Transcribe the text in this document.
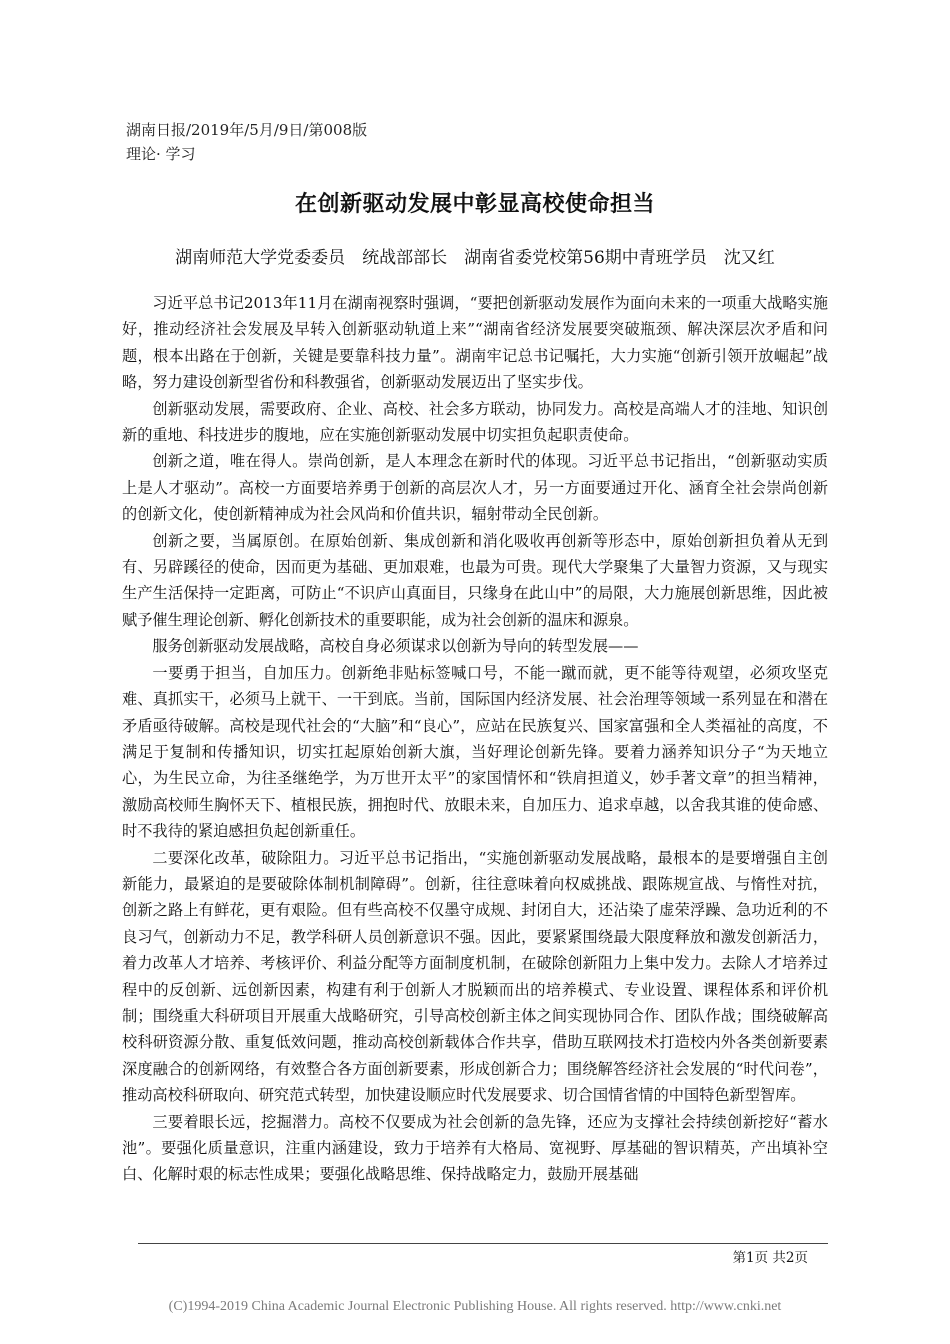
湖南日报/2019年/5月/9日/第008版
理论· 学习
在创新驱动发展中彰显高校使命担当
湖南师范大学党委委员　统战部部长　湖南省委党校第56期中青班学员　沈又红

习近平总书记2013年11月在湖南视察时强调，“要把创新驱动发展作为面向未来的一项重大战略实施好，推动经济社会发展及早转入创新驱动轨道上来”“湖南省经济发展要突破瓶颈、解决深层次矛盾和问题，根本出路在于创新，关键是要靠科技力量”。湖南牢记总书记嘱托，大力实施“创新引领开放崛起”战略，努力建设创新型省份和科教强省，创新驱动发展迈出了坚实步伐。

创新驱动发展，需要政府、企业、高校、社会多方联动，协同发力。高校是高端人才的洼地、知识创新的重地、科技进步的腹地，应在实施创新驱动发展中切实担负起职责使命。

创新之道，唯在得人。崇尚创新，是人本理念在新时代的体现。习近平总书记指出，“创新驱动实质上是人才驱动”。高校一方面要培养勇于创新的高层次人才，另一方面要通过开化、涵育全社会崇尚创新的创新文化，使创新精神成为社会风尚和价值共识，辐射带动全民创新。

创新之要，当属原创。在原始创新、集成创新和消化吸收再创新等形态中，原始创新担负着从无到有、另辟蹊径的使命，因而更为基础、更加艰难，也最为可贵。现代大学聚集了大量智力资源，又与现实生产生活保持一定距离，可防止“不识庐山真面目，只缘身在此山中”的局限，大力施展创新思维，因此被赋予催生理论创新、孵化创新技术的重要职能，成为社会创新的温床和源泉。

服务创新驱动发展战略，高校自身必须谋求以创新为导向的转型发展——

一要勇于担当，自加压力。创新绝非贴标签喊口号，不能一蹴而就，更不能等待观望，必须攻坚克难、真抓实干，必须马上就干、一干到底。当前，国际国内经济发展、社会治理等领域一系列显在和潜在矛盾亟待破解。高校是现代社会的“大脑”和“良心”，应站在民族复兴、国家富强和全人类福祉的高度，不满足于复制和传播知识，切实扛起原始创新大旗，当好理论创新先锋。要着力涵养知识分子“为天地立心，为生民立命，为往圣继绝学，为万世开太平”的家国情怀和“铁肩担道义，妙手著文章”的担当精神，激励高校师生胸怀天下、植根民族，拥抱时代、放眼未来，自加压力、追求卓越，以舍我其谁的使命感、时不我待的紧迫感担负起创新重任。

二要深化改革，破除阻力。习近平总书记指出，“实施创新驱动发展战略，最根本的是要增强自主创新能力，最紧迫的是要破除体制机制障碍”。创新，往往意味着向权威挑战、跟陈规宣战、与惰性对抗，创新之路上有鲜花，更有艰险。但有些高校不仅墨守成规、封闭自大，还沾染了虚荣浮躁、急功近利的不良习气，创新动力不足，教学科研人员创新意识不强。因此，要紧紧围绕最大限度释放和激发创新活力，着力改革人才培养、考核评价、利益分配等方面制度机制，在破除创新阻力上集中发力。去除人才培养过程中的反创新、远创新因素，构建有利于创新人才脱颖而出的培养模式、专业设置、课程体系和评价机制；围绕重大科研项目开展重大战略研究，引导高校创新主体之间实现协同合作、团队作战；围绕破解高校科研资源分散、重复低效问题，推动高校创新载体合作共享，借助互联网技术打造校内外各类创新要素深度融合的创新网络，有效整合各方面创新要素，形成创新合力；围绕解答经济社会发展的“时代问卷”，推动高校科研取向、研究范式转型，加快建设顺应时代发展要求、切合国情省情的中国特色新型智库。

三要着眼长远，挖掘潜力。高校不仅要成为社会创新的急先锋，还应为支撑社会持续创新挖好“蓄水池”。要强化质量意识，注重内涵建设，致力于培养有大格局、宽视野、厚基础的智识精英，产出填补空白、化解时艰的标志性成果；要强化战略思维、保持战略定力，鼓励开展基础

第1页 共2页
(C)1994-2019 China Academic Journal Electronic Publishing House. All rights reserved. http://www.cnki.net
